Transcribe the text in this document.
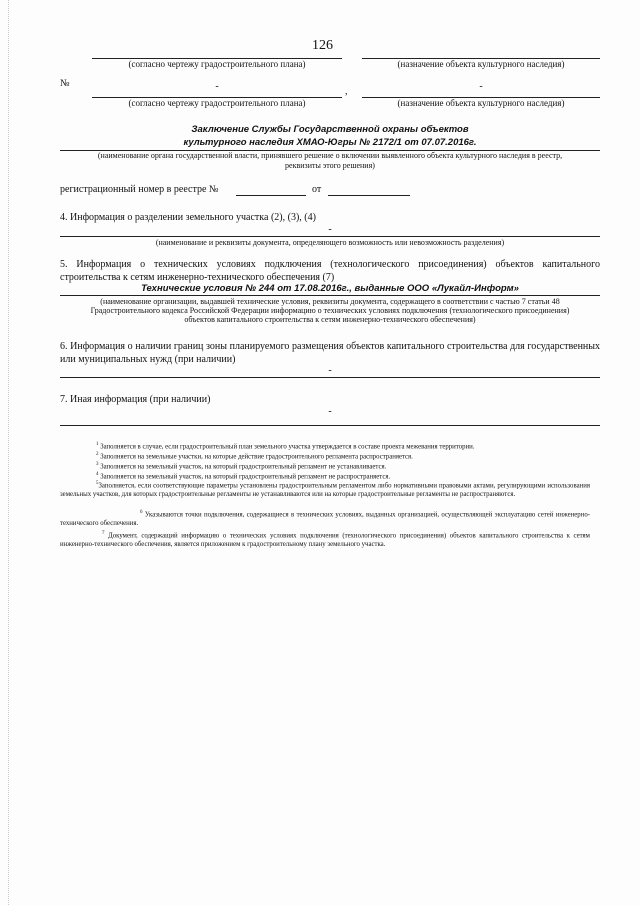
126
(согласно чертежу градостроительного плана)	(назначение объекта культурного наследия)
№	-	,	-
(согласно чертежу градостроительного плана)	(назначение объекта культурного наследия)
Заключение Службы Государственной охраны объектов
культурного наследия ХМАО-Югры № 2172/1 от 07.07.2016г.
(наименование органа государственной власти, принявшего решение о включении выявленного объекта культурного наследия в реестр,
реквизиты этого решения)
регистрационный номер в реестре №	от
4. Информация о разделении земельного участка (2), (3), (4)
-
(наименование и реквизиты документа, определяющего возможность или невозможность разделения)
5. Информация о технических условиях подключения (технологического присоединения) объектов капитального строительства к сетям инженерно-технического обеспечения (7)
Технические условия № 244 от 17.08.2016г., выданные ООО «Лукайл-Информ»
(наименование организации, выдавшей технические условия, реквизиты документа, содержащего в соответствии с частью 7 статьи 48
Градостроительного кодекса Российской Федерации информацию о технических условиях подключения (технологического присоединения)
объектов капитального строительства к сетям инженерно-технического обеспечения)
6. Информация о наличии границ зоны планируемого размещения объектов капитального строительства для государственных или муниципальных нужд (при наличии)
-
7. Иная информация (при наличии)
-
$^1$ Заполняется в случае, если градостроительный план земельного участка утверждается в составе проекта межевания территории.
$^2$ Заполняется на земельные участки, на которые действие градостроительного регламента распространяется.
$^3$ Заполняется на земельный участок, на который градостроительный регламент не устанавливается.
$^4$ Заполняется на земельный участок, на который градостроительный регламент не распространяется.
$^5$Заполняется, если соответствующие параметры установлены градостроительным регламентом либо нормативными правовыми актами, регулирующими использования земельных участков, для которых градостроительные регламенты не устанавливаются или на которые градостроительные регламенты не распространяются.
$^6$ Указываются точки подключения, содержащиеся в технических условиях, выданных организацией, осуществляющей эксплуатацию сетей инженерно-технического обеспечения.
$^7$ Документ, содержащий информацию о технических условиях подключения (технологического присоединения) объектов капитального строительства к сетям инженерно-технического обеспечения, является приложением к градостроительному плану земельного участка.
